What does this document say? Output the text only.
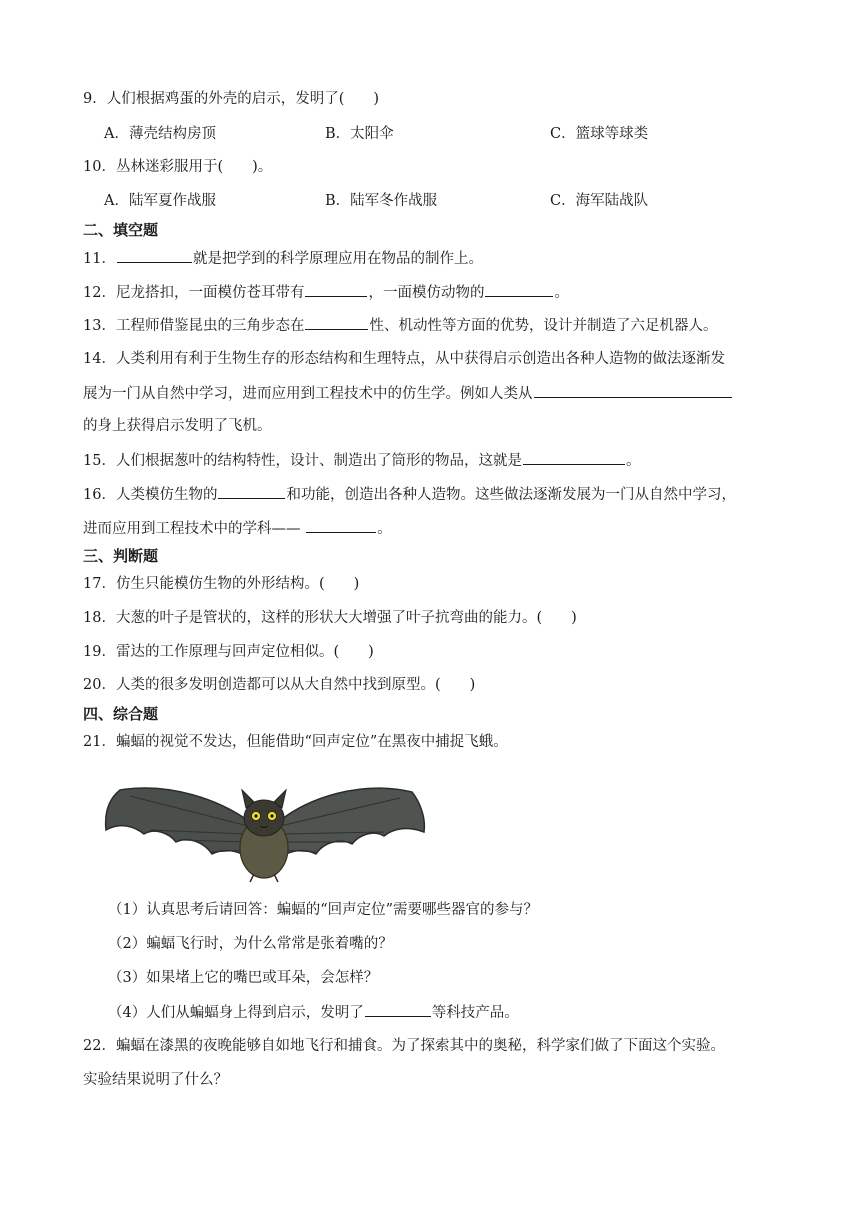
9．人们根据鸡蛋的外壳的启示，发明了(　　)
A．薄壳结构房顶	B．太阳伞	C．篮球等球类
10．丛林迷彩服用于(　　)。
A．陆军夏作战服	B．陆军冬作战服	C．海军陆战队
二、填空题
11．	就是把学到的科学原理应用在物品的制作上。
12．尼龙搭扣，一面模仿苍耳带有	，一面模仿动物的	。
13．工程师借鉴昆虫的三角步态在	性、机动性等方面的优势，设计并制造了六足机器人。
14．人类利用有利于生物生存的形态结构和生理特点，从中获得启示创造出各种人造物的做法逐渐发
展为一门从自然中学习，进而应用到工程技术中的仿生学。例如人类从
的身上获得启示发明了飞机。
15．人们根据葱叶的结构特性，设计、制造出了筒形的物品，这就是	。
16．人类模仿生物的	和功能，创造出各种人造物。这些做法逐渐发展为一门从自然中学习，
进而应用到工程技术中的学科——	。
三、判断题
17．仿生只能模仿生物的外形结构。(　　)
18．大葱的叶子是管状的，这样的形状大大增强了叶子抗弯曲的能力。(　　)
19．雷达的工作原理与回声定位相似。(　　)
20．人类的很多发明创造都可以从大自然中找到原型。(　　)
四、综合题
21．蝙蝠的视觉不发达，但能借助“回声定位”在黑夜中捕捉飞蛾。
（1）认真思考后请回答：蝙蝠的“回声定位”需要哪些器官的参与？
（2）蝙蝠飞行时，为什么常常是张着嘴的？
（3）如果堵上它的嘴巴或耳朵，会怎样？
（4）人们从蝙蝠身上得到启示，发明了	等科技产品。
22．蝙蝠在漆黑的夜晚能够自如地飞行和捕食。为了探索其中的奥秘，科学家们做了下面这个实验。
实验结果说明了什么？
